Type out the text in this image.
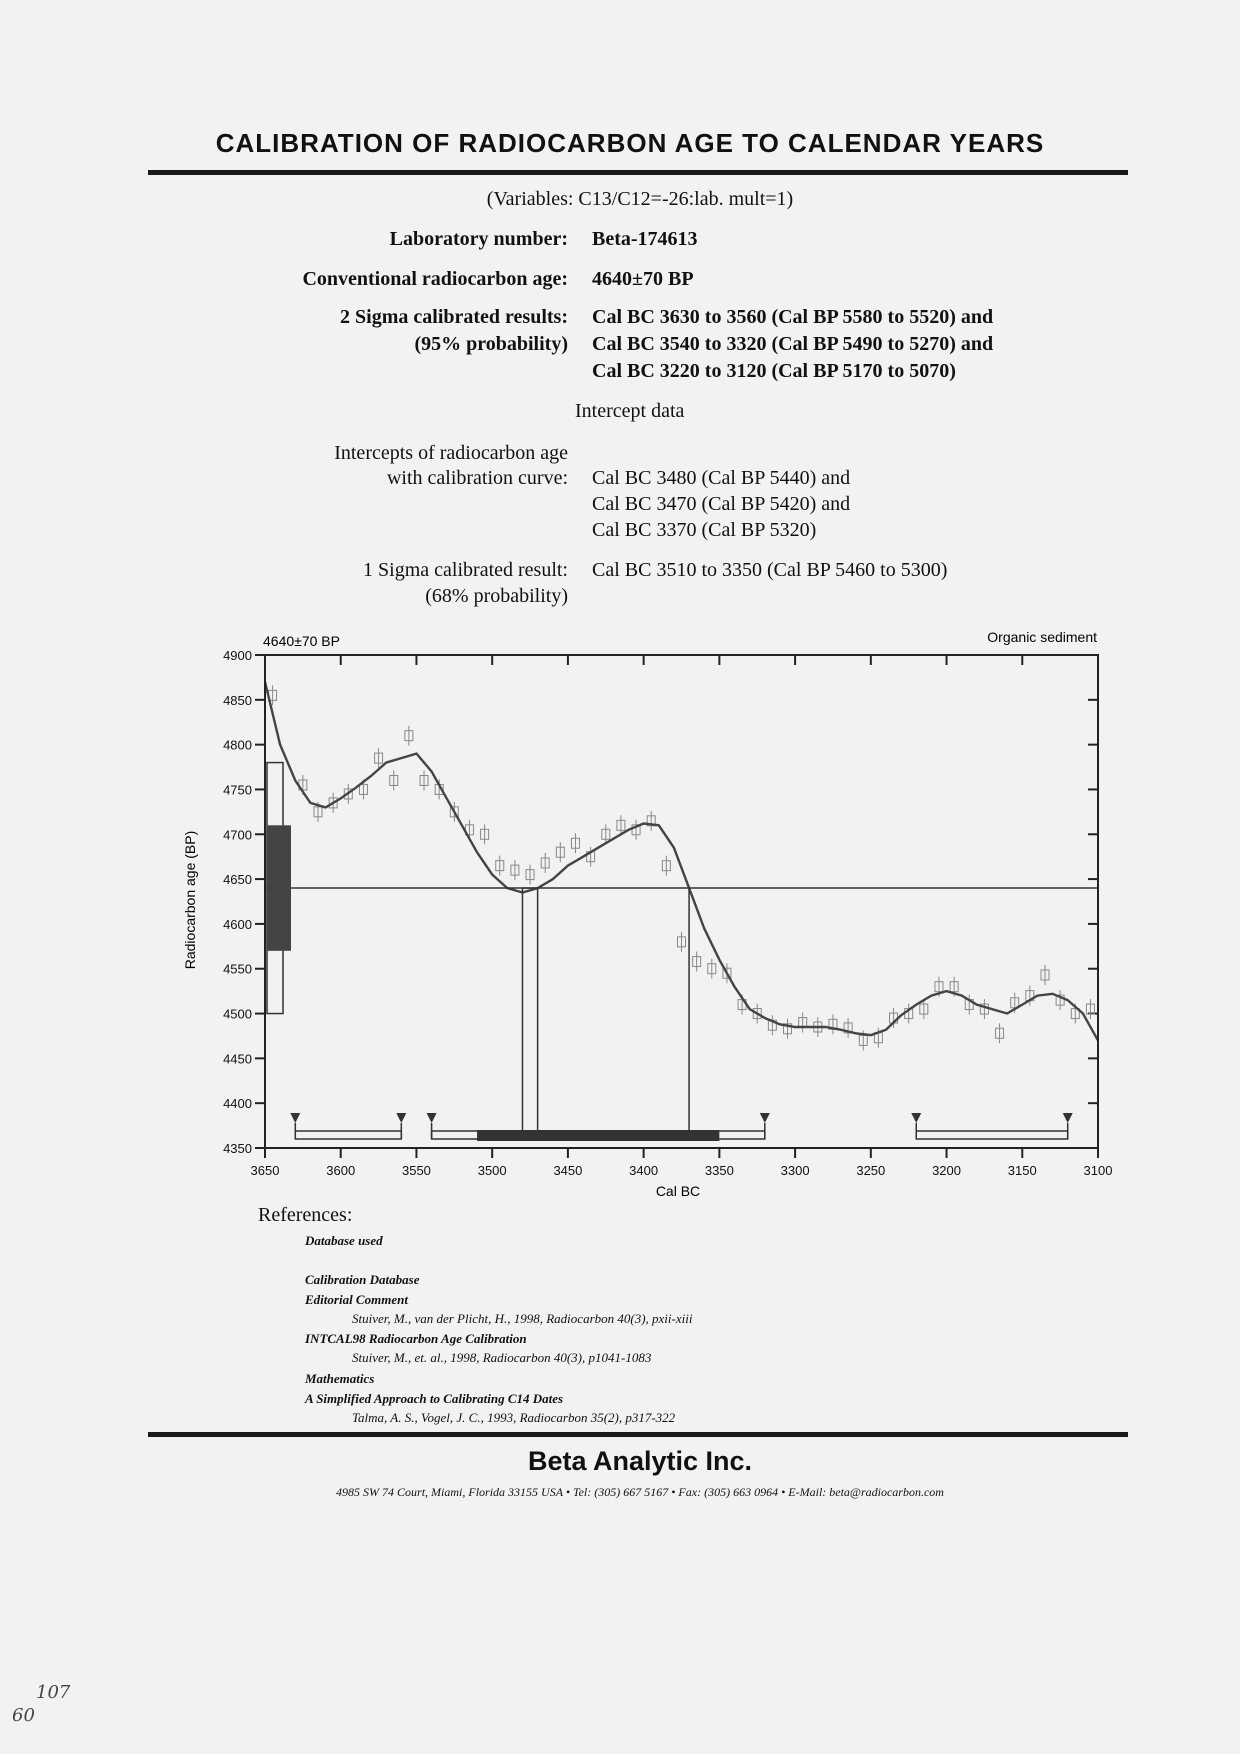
CALIBRATION OF RADIOCARBON AGE TO CALENDAR YEARS
(Variables: C13/C12=-26:lab. mult=1)
Laboratory number: Beta-174613
Conventional radiocarbon age: 4640±70 BP
2 Sigma calibrated results:
(95% probability)
Cal BC 3630 to 3560 (Cal BP 5580 to 5520) and
Cal BC 3540 to 3320 (Cal BP 5490 to 5270) and
Cal BC 3220 to 3120 (Cal BP 5170 to 5070)
Intercept data
Intercepts of radiocarbon age
with calibration curve: Cal BC 3480 (Cal BP 5440) and
Cal BC 3470 (Cal BP 5420) and
Cal BC 3370 (Cal BP 5320)
1 Sigma calibrated result:
(68% probability)
Cal BC 3510 to 3350 (Cal BP 5460 to 5300)
4640±70 BP	Organic sediment
3650	3600	3550	3500	3450	3400	3350	3300	3250	3200	3150	3100
4900
4850
4800
4750
4700
4650
4600
4550
4500
4450
4400
4350
Cal BC
Radiocarbon age (BP)
References:
Database used
Calibration Database
Editorial Comment
Stuiver, M., van der Plicht, H., 1998, Radiocarbon 40(3), pxii-xiii
INTCAL98 Radiocarbon Age Calibration
Stuiver, M., et. al., 1998, Radiocarbon 40(3), p1041-1083
Mathematics
A Simplified Approach to Calibrating C14 Dates
Talma, A. S., Vogel, J. C., 1993, Radiocarbon 35(2), p317-322
Beta Analytic Inc.
4985 SW 74 Court, Miami, Florida 33155 USA • Tel: (305) 667 5167 • Fax: (305) 663 0964 • E-Mail: beta@radiocarbon.com
107
60
